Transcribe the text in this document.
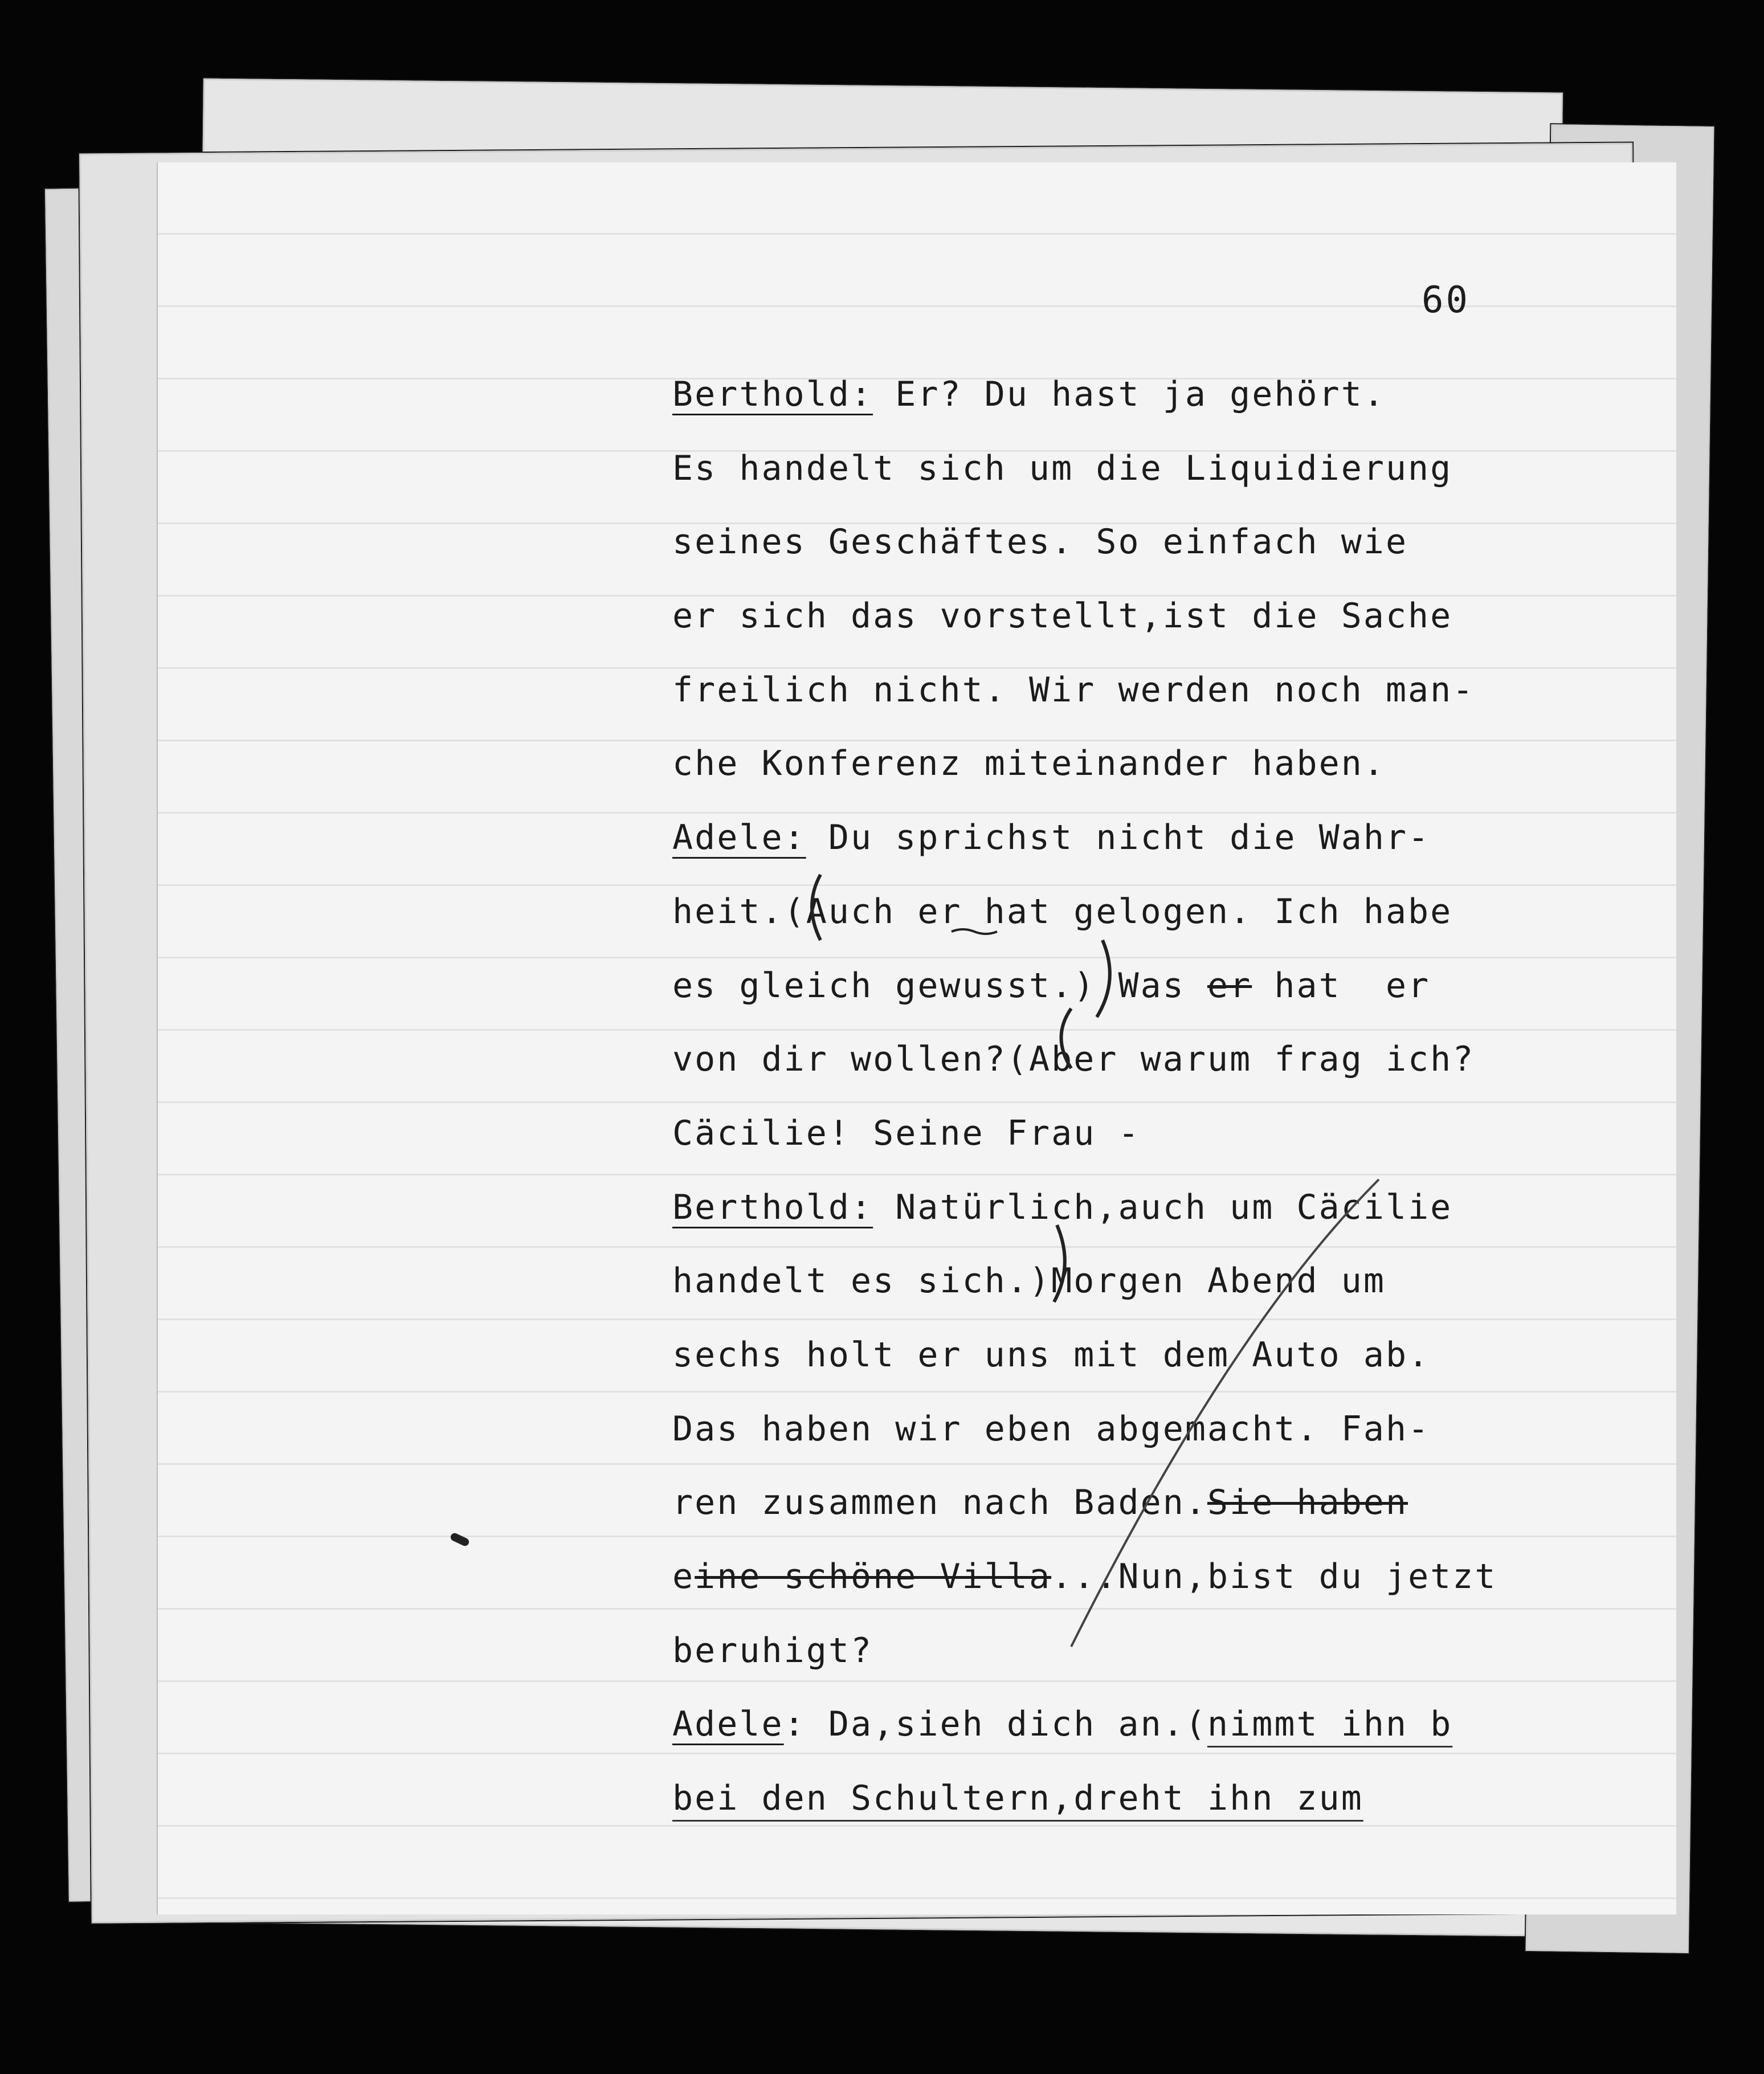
60
Berthold: Er? Du hast ja gehört.
Es handelt sich um die Liquidierung
seines Geschäftes. So einfach wie
er sich das vorstellt,ist die Sache
freilich nicht. Wir werden noch man-
che Konferenz miteinander haben.
Adele: Du sprichst nicht die Wahr-
heit.(Auch er hat gelogen. Ich habe
es gleich gewusst.) Was er hat  er
von dir wollen?(Aber warum frag ich?
Cäcilie! Seine Frau -
Berthold: Natürlich,auch um Cäcilie
handelt es sich.)Morgen Abend um
sechs holt er uns mit dem Auto ab.
Das haben wir eben abgemacht. Fah-
ren zusammen nach Baden.Sie haben
eine schöne Villa...Nun,bist du jetzt
beruhigt?
Adele: Da,sieh dich an.(nimmt ihn b
bei den Schultern,dreht ihn zum
